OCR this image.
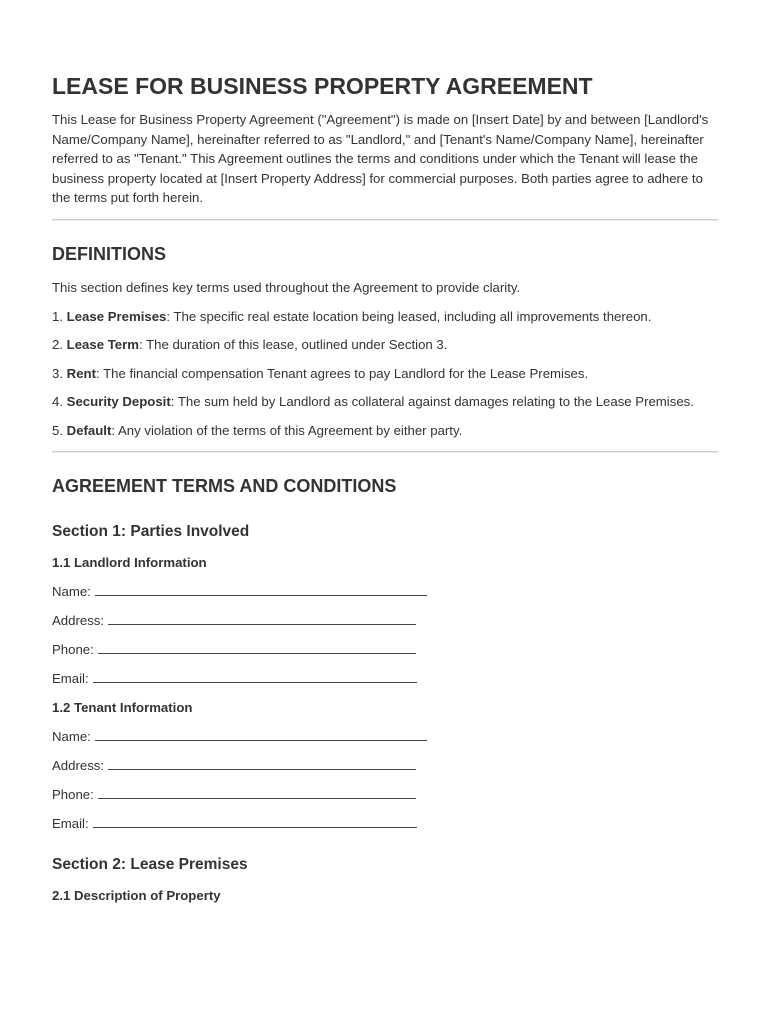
LEASE FOR BUSINESS PROPERTY AGREEMENT

This Lease for Business Property Agreement ("Agreement") is made on [Insert Date] by and between [Landlord's Name/Company Name], hereinafter referred to as "Landlord," and [Tenant's Name/Company Name], hereinafter referred to as "Tenant." This Agreement outlines the terms and conditions under which the Tenant will lease the business property located at [Insert Property Address] for commercial purposes. Both parties agree to adhere to the terms put forth herein.

DEFINITIONS

This section defines key terms used throughout the Agreement to provide clarity.

1. Lease Premises: The specific real estate location being leased, including all improvements thereon.

2. Lease Term: The duration of this lease, outlined under Section 3.

3. Rent: The financial compensation Tenant agrees to pay Landlord for the Lease Premises.

4. Security Deposit: The sum held by Landlord as collateral against damages relating to the Lease Premises.

5. Default: Any violation of the terms of this Agreement by either party.

AGREEMENT TERMS AND CONDITIONS
Section 1: Parties Involved
1.1 Landlord Information
Name:
Address:
Phone:
Email:
1.2 Tenant Information
Name:
Address:
Phone:
Email:
Section 2: Lease Premises
2.1 Description of Property
